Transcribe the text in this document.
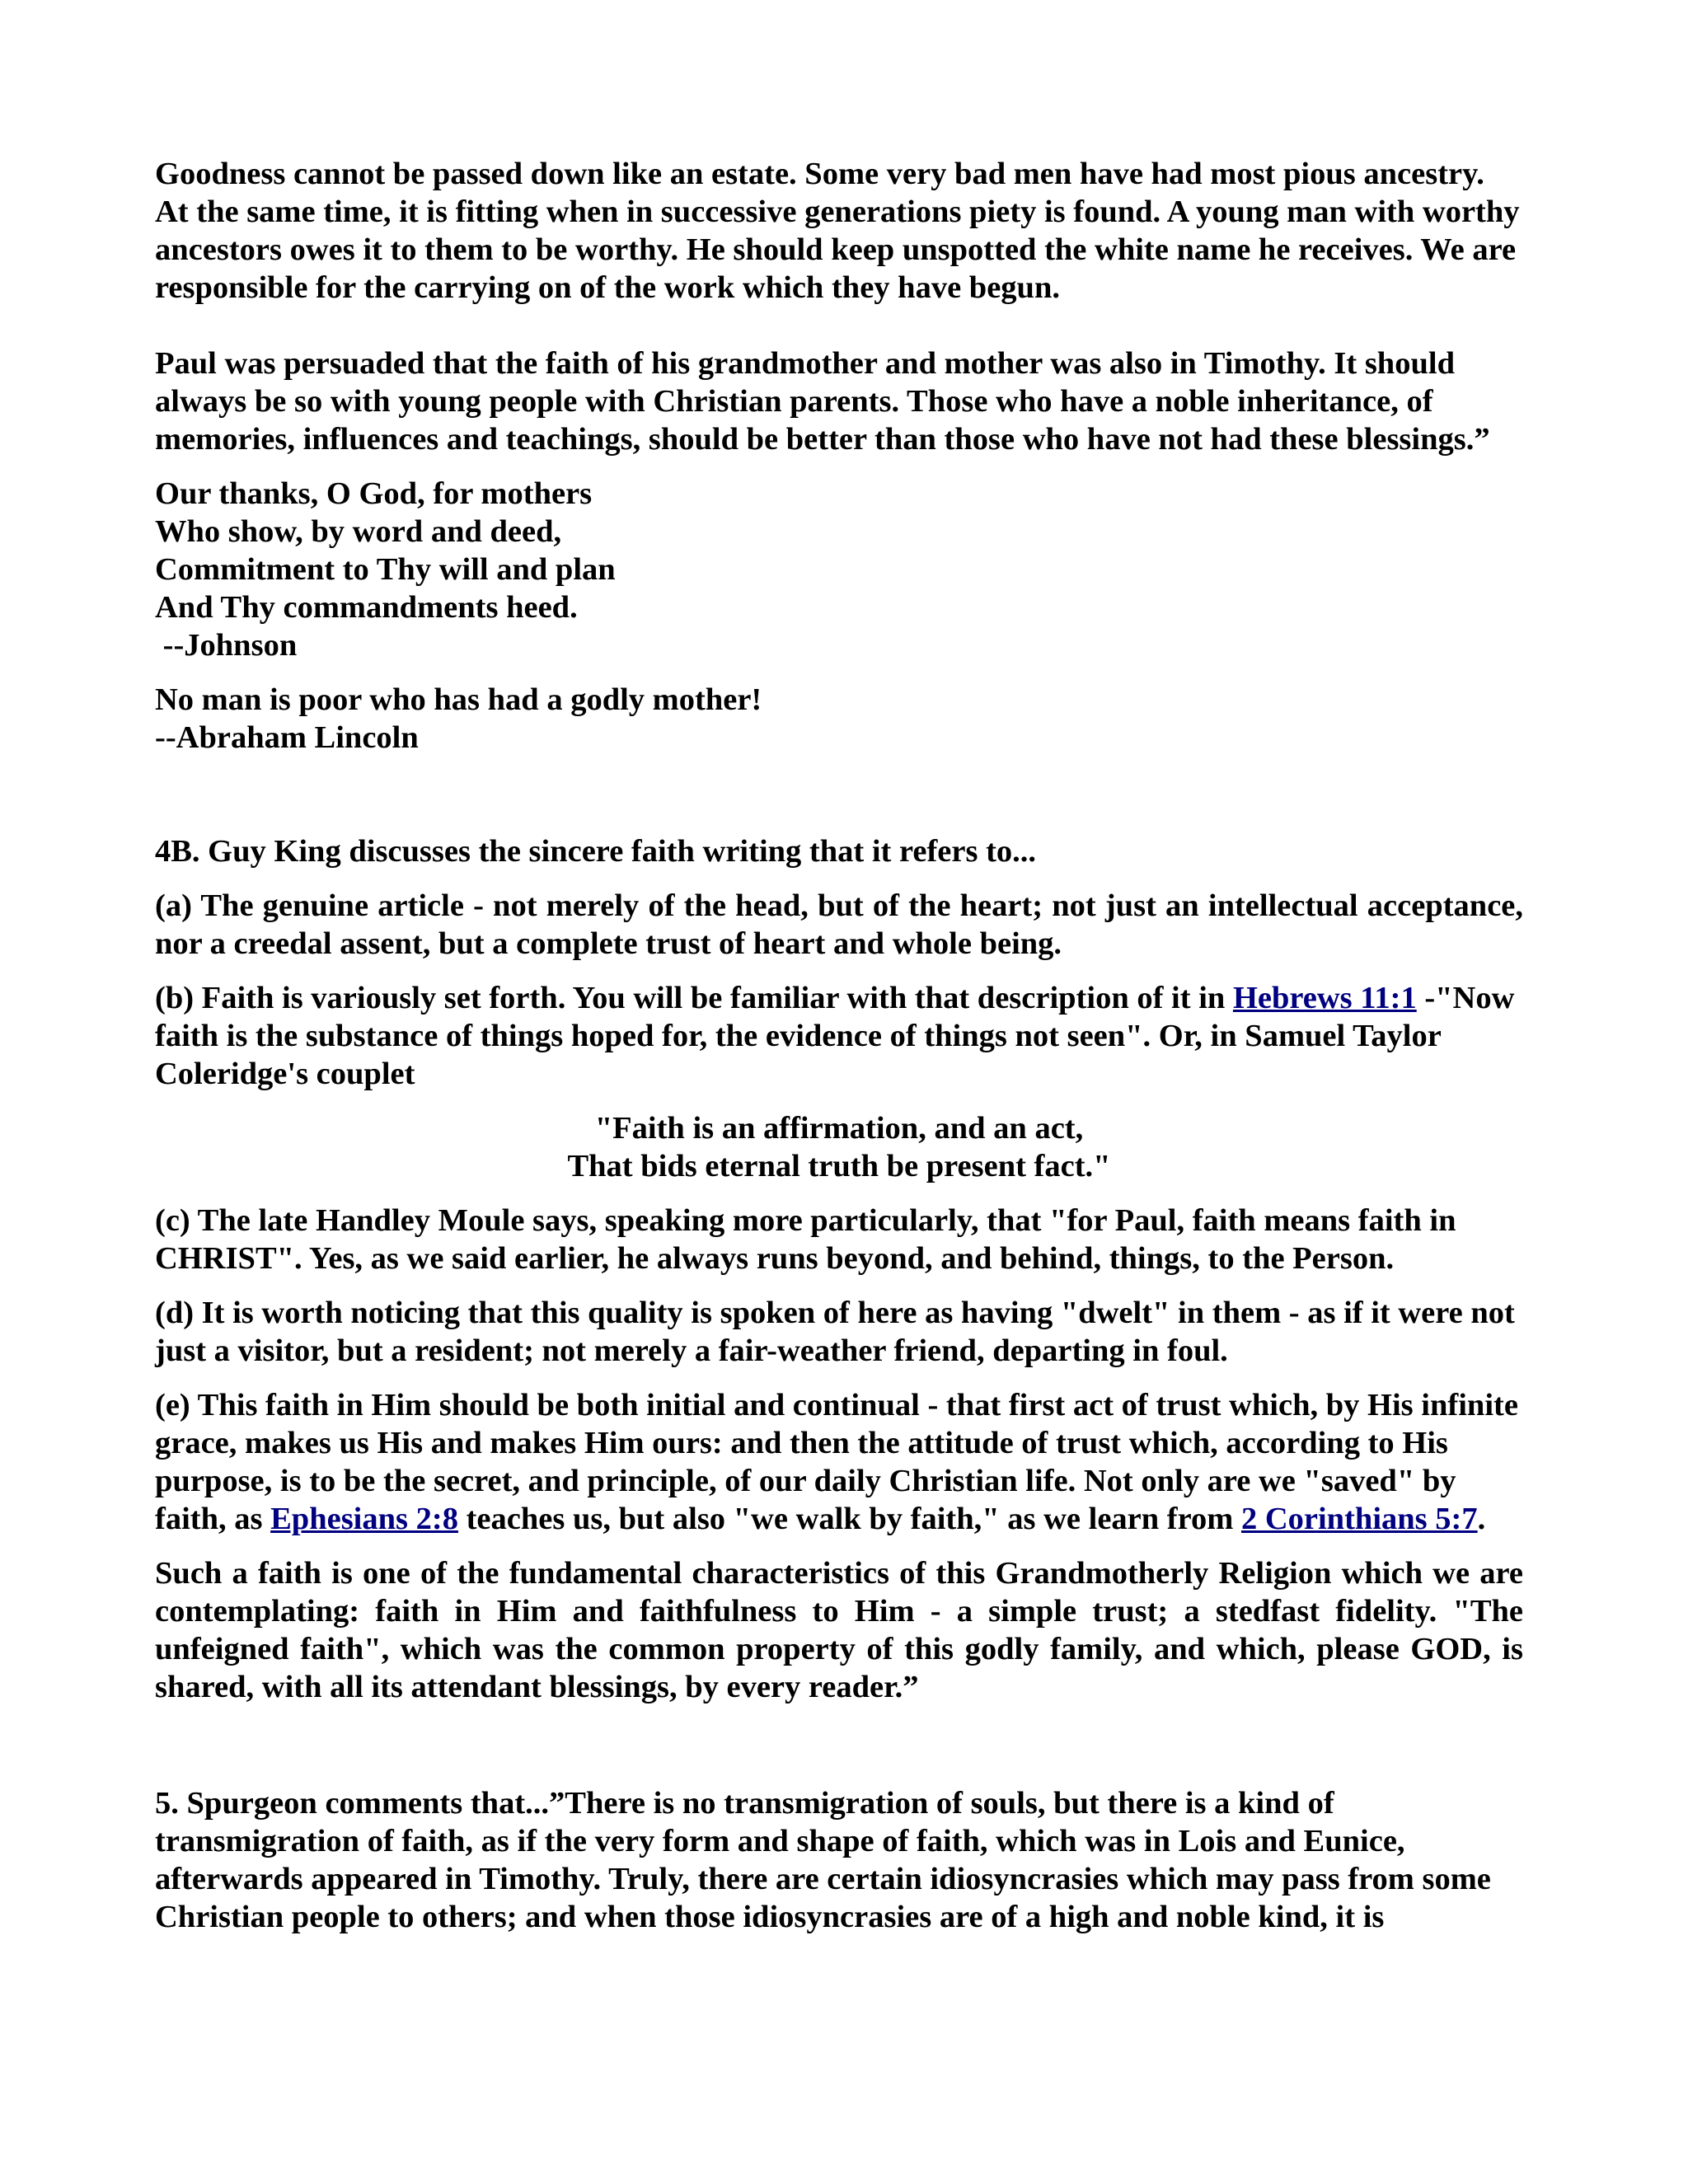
Goodness cannot be passed down like an estate. Some very bad men have had most pious ancestry. At the same time, it is fitting when in successive generations piety is found. A young man with worthy ancestors owes it to them to be worthy. He should keep unspotted the white name he receives. We are responsible for the carrying on of the work which they have begun.

Paul was persuaded that the faith of his grandmother and mother was also in Timothy. It should always be so with young people with Christian parents. Those who have a noble inheritance, of memories, influences and teachings, should be better than those who have not had these blessings.”

Our thanks, O God, for mothers
Who show, by word and deed,
Commitment to Thy will and plan
And Thy commandments heed.
--Johnson
No man is poor who has had a godly mother!
--Abraham Lincoln

4B. Guy King discusses the sincere faith writing that it refers to...

(a) The genuine article - not merely of the head, but of the heart; not just an intellectual acceptance, nor a creedal assent, but a complete trust of heart and whole being.

(b) Faith is variously set forth. You will be familiar with that description of it in Hebrews 11:1 -"Now faith is the substance of things hoped for, the evidence of things not seen". Or, in Samuel Taylor Coleridge's couplet

"Faith is an affirmation, and an act,
That bids eternal truth be present fact."

(c) The late Handley Moule says, speaking more particularly, that "for Paul, faith means faith in CHRIST". Yes, as we said earlier, he always runs beyond, and behind, things, to the Person.

(d) It is worth noticing that this quality is spoken of here as having "dwelt" in them - as if it were not just a visitor, but a resident; not merely a fair-weather friend, departing in foul.

(e) This faith in Him should be both initial and continual - that first act of trust which, by His infinite grace, makes us His and makes Him ours: and then the attitude of trust which, according to His purpose, is to be the secret, and principle, of our daily Christian life. Not only are we "saved" by faith, as Ephesians 2:8 teaches us, but also "we walk by faith," as we learn from 2 Corinthians 5:7.

Such a faith is one of the fundamental characteristics of this Grandmotherly Religion which we are contemplating: faith in Him and faithfulness to Him - a simple trust; a stedfast fidelity. "The unfeigned faith", which was the common property of this godly family, and which, please GOD, is shared, with all its attendant blessings, by every reader.”

5. Spurgeon comments that...”There is no transmigration of souls, but there is a kind of transmigration of faith, as if the very form and shape of faith, which was in Lois and Eunice, afterwards appeared in Timothy. Truly, there are certain idiosyncrasies which may pass from some Christian people to others; and when those idiosyncrasies are of a high and noble kind, it is
